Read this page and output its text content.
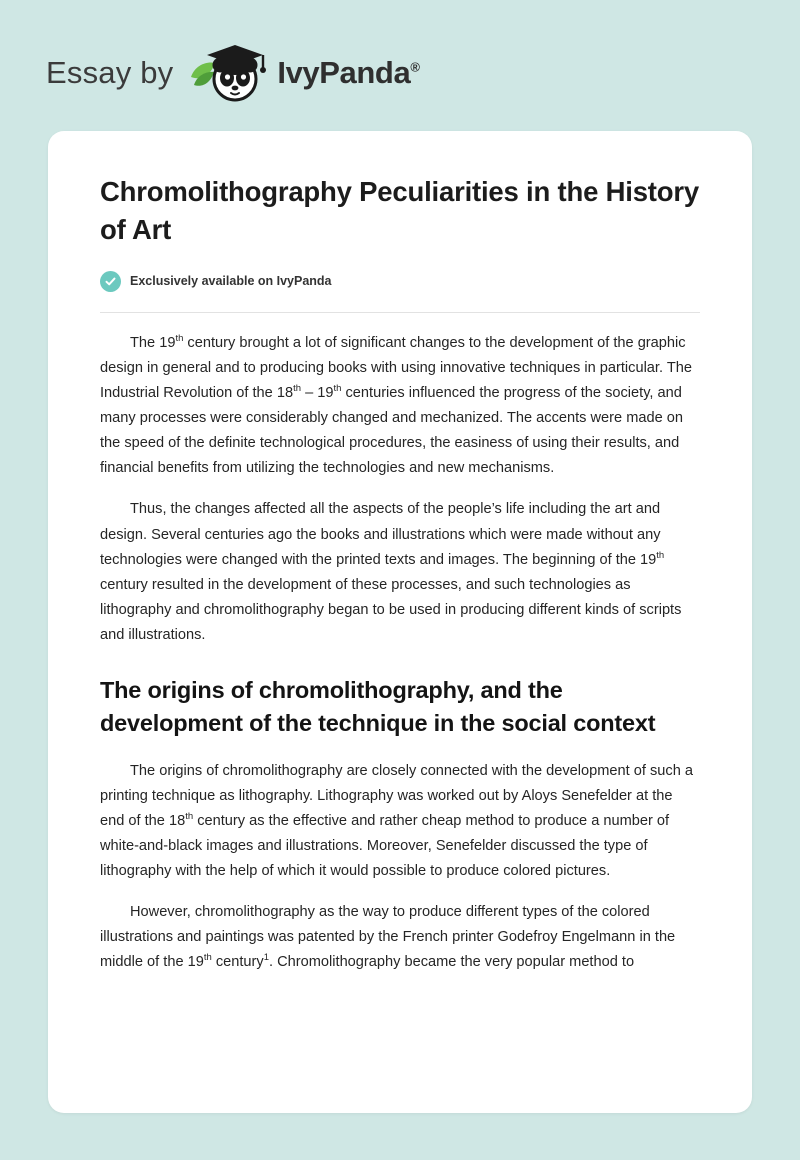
Essay by	IvyPanda®
Chromolithography Peculiarities in the History of Art
Exclusively available on IvyPanda

The 19th century brought a lot of significant changes to the development of the graphic design in general and to producing books with using innovative techniques in particular. The Industrial Revolution of the 18th – 19th centuries influenced the progress of the society, and many processes were considerably changed and mechanized. The accents were made on the speed of the definite technological procedures, the easiness of using their results, and financial benefits from utilizing the technologies and new mechanisms.

Thus, the changes affected all the aspects of the people’s life including the art and design. Several centuries ago the books and illustrations which were made without any technologies were changed with the printed texts and images. The beginning of the 19th century resulted in the development of these processes, and such technologies as lithography and chromolithography began to be used in producing different kinds of scripts and illustrations.

The origins of chromolithography, and the development of the technique in the social context

The origins of chromolithography are closely connected with the development of such a printing technique as lithography. Lithography was worked out by Aloys Senefelder at the end of the 18th century as the effective and rather cheap method to produce a number of white-and-black images and illustrations. Moreover, Senefelder discussed the type of lithography with the help of which it would possible to produce colored pictures.

However, chromolithography as the way to produce different types of the colored illustrations and paintings was patented by the French printer Godefroy Engelmann in the middle of the 19th century$^1$. Chromolithography became the very popular method to
